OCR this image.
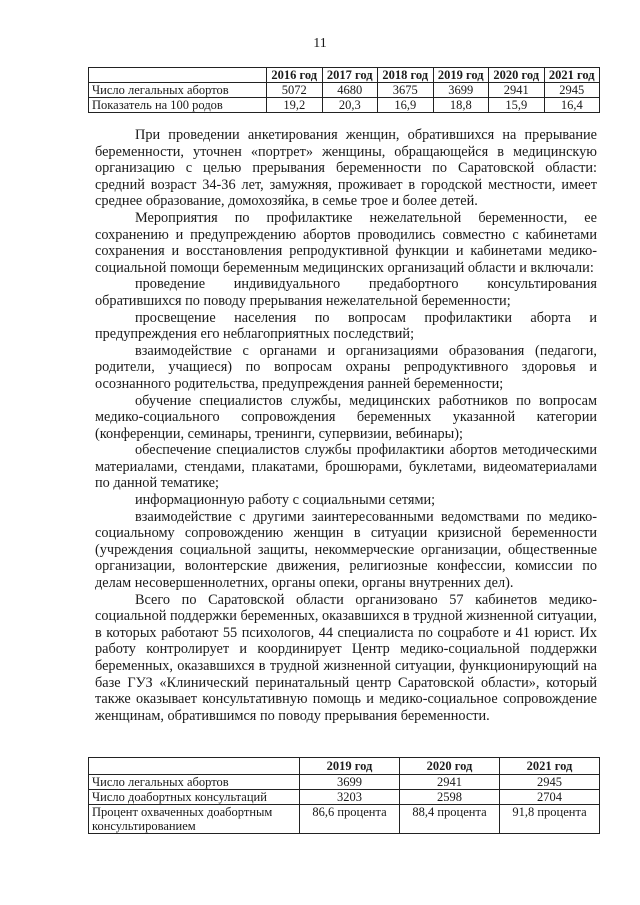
11
	2016 год	2017 год	2018 год	2019 год	2020 год	2021 год
Число легальных абортов	5072	4680	3675	3699	2941	2945
Показатель на 100 родов	19,2	20,3	16,9	18,8	15,9	16,4

При проведении анкетирования женщин, обратившихся на прерывание беременности, уточнен «портрет» женщины, обращающейся в медицинскую организацию с целью прерывания беременности по Саратовской области: средний возраст 34-36 лет, замужняя, проживает в городской местности, имеет среднее образование, домохозяйка, в семье трое и более детей.

Мероприятия по профилактике нежелательной беременности, ее сохранению и предупреждению абортов проводились совместно с кабинетами сохранения и восстановления репродуктивной функции и кабинетами медико-социальной помощи беременным медицинских организаций области и включали:

проведение индивидуального предабортного консультирования обратившихся по поводу прерывания нежелательной беременности;

просвещение населения по вопросам профилактики аборта и предупреждения его неблагоприятных последствий;

взаимодействие с органами и организациями образования (педагоги, родители, учащиеся) по вопросам охраны репродуктивного здоровья и осознанного родительства, предупреждения ранней беременности;

обучение специалистов службы, медицинских работников по вопросам медико-социального сопровождения беременных указанной категории (конференции, семинары, тренинги, супервизии, вебинары);

обеспечение специалистов службы профилактики абортов методическими материалами, стендами, плакатами, брошюрами, буклетами, видеоматериалами по данной тематике;

информационную работу с социальными сетями;

взаимодействие с другими заинтересованными ведомствами по медико-социальному сопровождению женщин в ситуации кризисной беременности (учреждения социальной защиты, некоммерческие организации, общественные организации, волонтерские движения, религиозные конфессии, комиссии по делам несовершеннолетних, органы опеки, органы внутренних дел).

Всего по Саратовской области организовано 57 кабинетов медико-социальной поддержки беременных, оказавшихся в трудной жизненной ситуации, в которых работают 55 психологов, 44 специалиста по соцработе и 41 юрист. Их работу контролирует и координирует Центр медико-социальной поддержки беременных, оказавшихся в трудной жизненной ситуации, функционирующий на базе ГУЗ «Клинический перинатальный центр Саратовской области», который также оказывает консультативную помощь и медико-социальное сопровождение женщинам, обратившимся по поводу прерывания беременности.

	2019 год	2020 год	2021 год
Число легальных абортов	3699	2941	2945
Число доабортных консультаций	3203	2598	2704
Процент охваченных доабортным консультированием	86,6 процента	88,4 процента	91,8 процента
